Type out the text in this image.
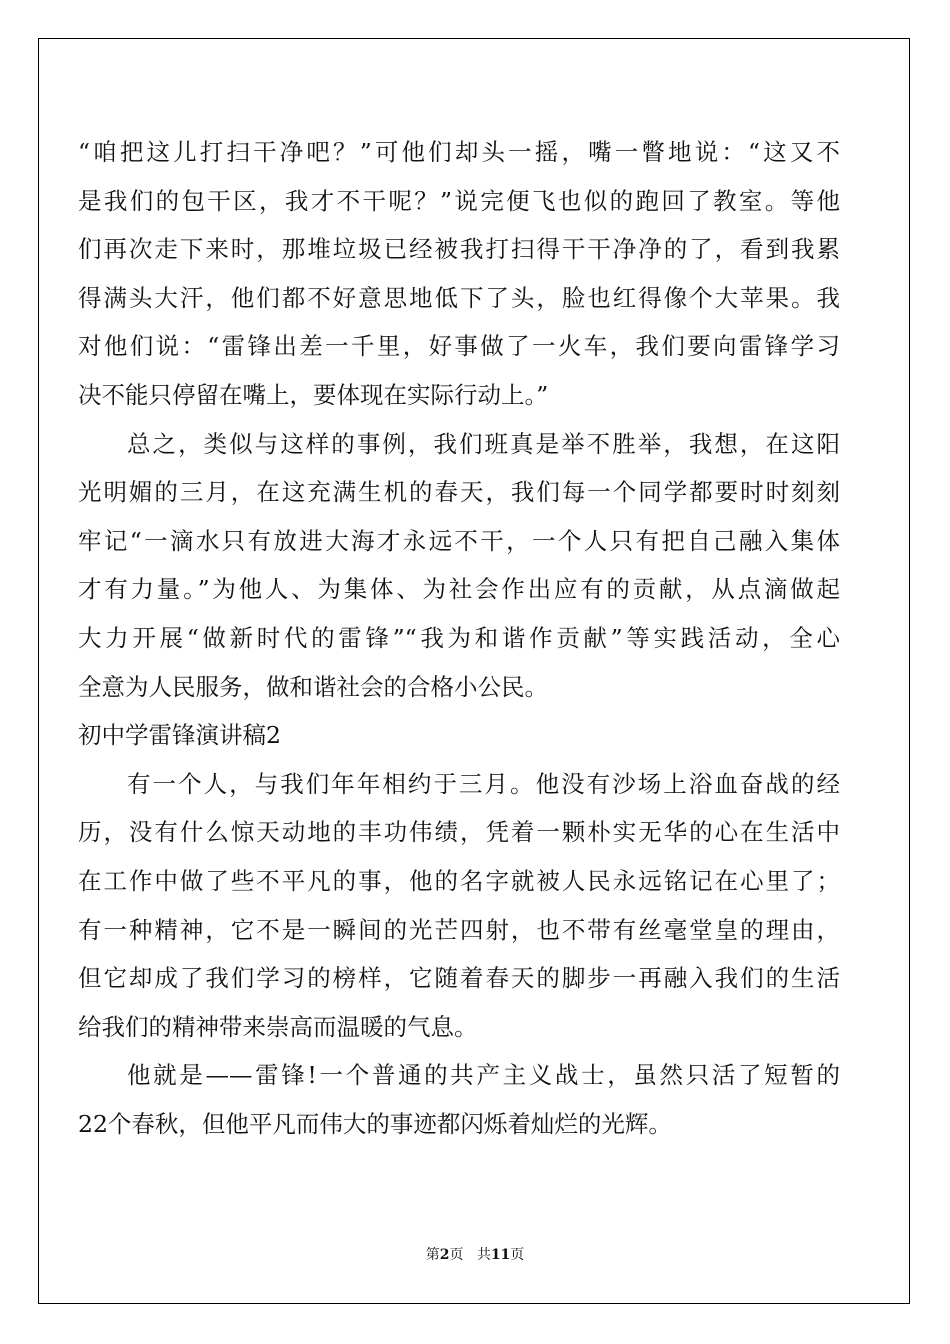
“咱把这儿打扫干净吧？”可他们却头一摇，嘴一瞥地说：“这又不
是我们的包干区，我才不干呢？”说完便飞也似的跑回了教室。等他
们再次走下来时，那堆垃圾已经被我打扫得干干净净的了，看到我累
得满头大汗，他们都不好意思地低下了头，脸也红得像个大苹果。我
对他们说：“雷锋出差一千里，好事做了一火车，我们要向雷锋学习
决不能只停留在嘴上，要体现在实际行动上。”
总之，类似与这样的事例，我们班真是举不胜举，我想，在这阳
光明媚的三月，在这充满生机的春天，我们每一个同学都要时时刻刻
牢记“一滴水只有放进大海才永远不干，一个人只有把自己融入集体
才有力量。”为他人、为集体、为社会作出应有的贡献，从点滴做起
大力开展“做新时代的雷锋”“我为和谐作贡献”等实践活动，全心
全意为人民服务，做和谐社会的合格小公民。
初中学雷锋演讲稿2
有一个人，与我们年年相约于三月。他没有沙场上浴血奋战的经
历，没有什么惊天动地的丰功伟绩，凭着一颗朴实无华的心在生活中
在工作中做了些不平凡的事，他的名字就被人民永远铭记在心里了；
有一种精神，它不是一瞬间的光芒四射，也不带有丝毫堂皇的理由，
但它却成了我们学习的榜样，它随着春天的脚步一再融入我们的生活
给我们的精神带来崇高而温暖的气息。
他就是——雷锋!一个普通的共产主义战士，虽然只活了短暂的
22个春秋，但他平凡而伟大的事迹都闪烁着灿烂的光辉。
第2页 共11页
